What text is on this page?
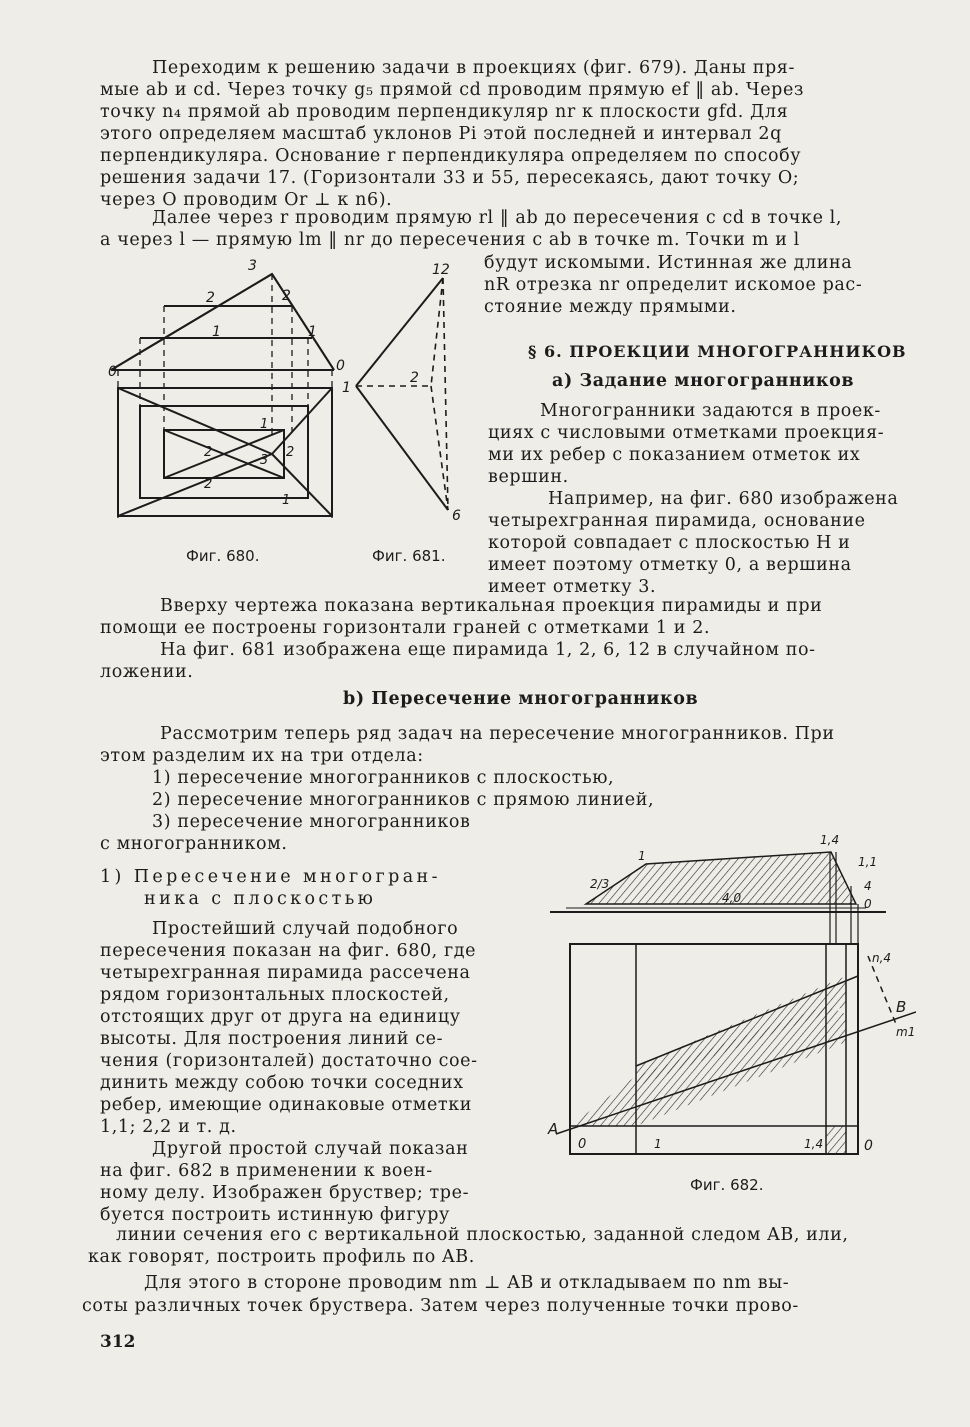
Переходим к решению задачи в проекциях (фиг. 679). Даны пря-

мые ab и cd. Через точку g₅ прямой cd проводим прямую ef ‖ ab. Через

точку n₄ прямой ab проводим перпендикуляр nr к плоскости gfd. Для

этого определяем масштаб уклонов Pi этой последней и интервал 2q

перпендикуляра. Основание r перпендикуляра определяем по способу

решения задачи 17. (Горизонтали 33 и 55, пересекаясь, дают точку O;

через O проводим Or ⊥ к n6).

Далее через r проводим прямую rl ‖ ab до пересечения с cd в точке l,

а через l — прямую lm ‖ nr до пересечения с ab в точке m. Точки m и l

будут искомыми. Истинная же длина

nR отрезка nr определит искомое рас-

стояние между прямыми.

§ 6. ПРОЕКЦИИ МНОГОГРАННИКОВ

a) Задание многогранников

Многогранники задаются в проек-

циях с числовыми отметками проекция-

ми их ребер с показанием отметок их

вершин.

Например, на фиг. 680 изображена

четырехгранная пирамида, основание

которой совпадает с плоскостью H и

имеет поэтому отметку 0, а вершина

имеет отметку 3.

3
2	2
1	1
0	0
2
3
2
2
1
1

Фиг. 680.

12
2
1
6

Фиг. 681.

Вверху чертежа показана вертикальная проекция пирамиды и при

помощи ее построены горизонтали граней с отметками 1 и 2.

На фиг. 681 изображена еще пирамида 1, 2, 6, 12 в случайном по-

ложении.

b) Пересечение многогранников

Рассмотрим теперь ряд задач на пересечение многогранников. При

этом разделим их на три отдела:

1) пересечение многогранников с плоскостью,

2) пересечение многогранников с прямою линией,

3) пересечение многогранников

с многогранником.

1) Пересечение многогран-

ника с плоскостью

Простейший случай подобного

пересечения показан на фиг. 680, где

четырехгранная пирамида рассечена

рядом горизонтальных плоскостей,

отстоящих друг от друга на единицу

высоты. Для построения линий се-

чения (горизонталей) достаточно сое-

динить между собою точки соседних

ребер, имеющие одинаковые отметки

1,1; 2,2 и т. д.

Другой простой случай показан

на фиг. 682 в применении к воен-

ному делу. Изображен бруствер; тре-

буется построить истинную фигуру

1
1,4
1,1
4
2/3
4,0	0
A
B
n,4
m1
0	1	1,4	0

Фиг. 682.

линии сечения его с вертикальной плоскостью, заданной следом AB, или,

как говорят, построить профиль по AB.

Для этого в стороне проводим nm ⊥ AB и откладываем по nm вы-

соты различных точек бруствера. Затем через полученные точки прово-

312
